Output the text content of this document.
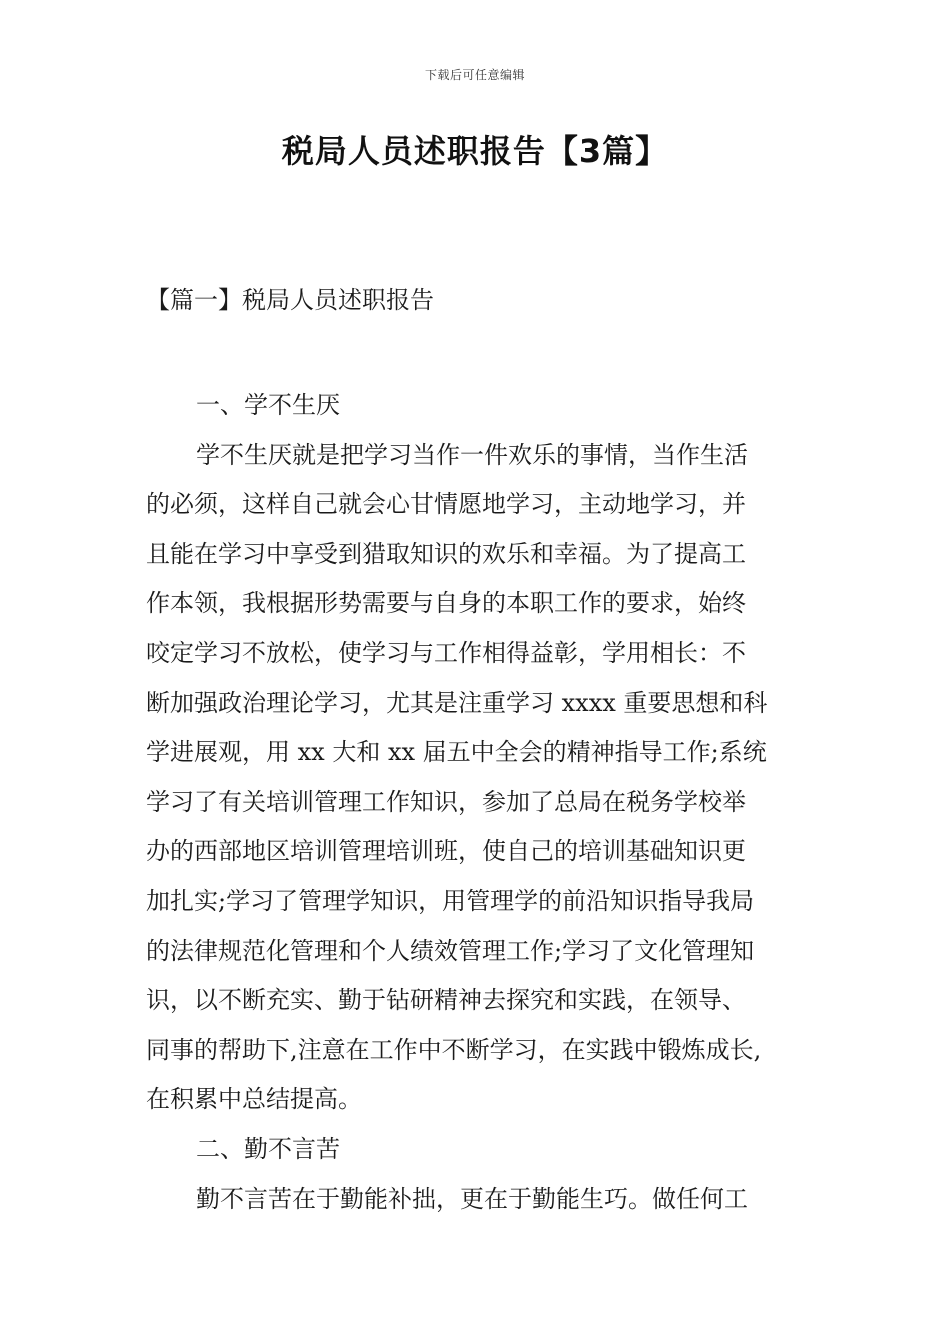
下载后可任意编辑
税局人员述职报告【3篇】
【篇一】税局人员述职报告

一、学不生厌

学不生厌就是把学习当作一件欢乐的事情，当作生活

的必须，这样自己就会心甘情愿地学习，主动地学习，并

且能在学习中享受到猎取知识的欢乐和幸福。为了提高工

作本领，我根据形势需要与自身的本职工作的要求，始终

咬定学习不放松，使学习与工作相得益彰，学用相长：不

断加强政治理论学习，尤其是注重学习 xxxx 重要思想和科

学进展观，用 xx 大和 xx 届五中全会的精神指导工作;系统

学习了有关培训管理工作知识，参加了总局在税务学校举

办的西部地区培训管理培训班，使自己的培训基础知识更

加扎实;学习了管理学知识，用管理学的前沿知识指导我局

的法律规范化管理和个人绩效管理工作;学习了文化管理知

识，以不断充实、勤于钻研精神去探究和实践，在领导、

同事的帮助下,注意在工作中不断学习，在实践中锻炼成长,

在积累中总结提高。

二、勤不言苦

勤不言苦在于勤能补拙，更在于勤能生巧。做任何工
